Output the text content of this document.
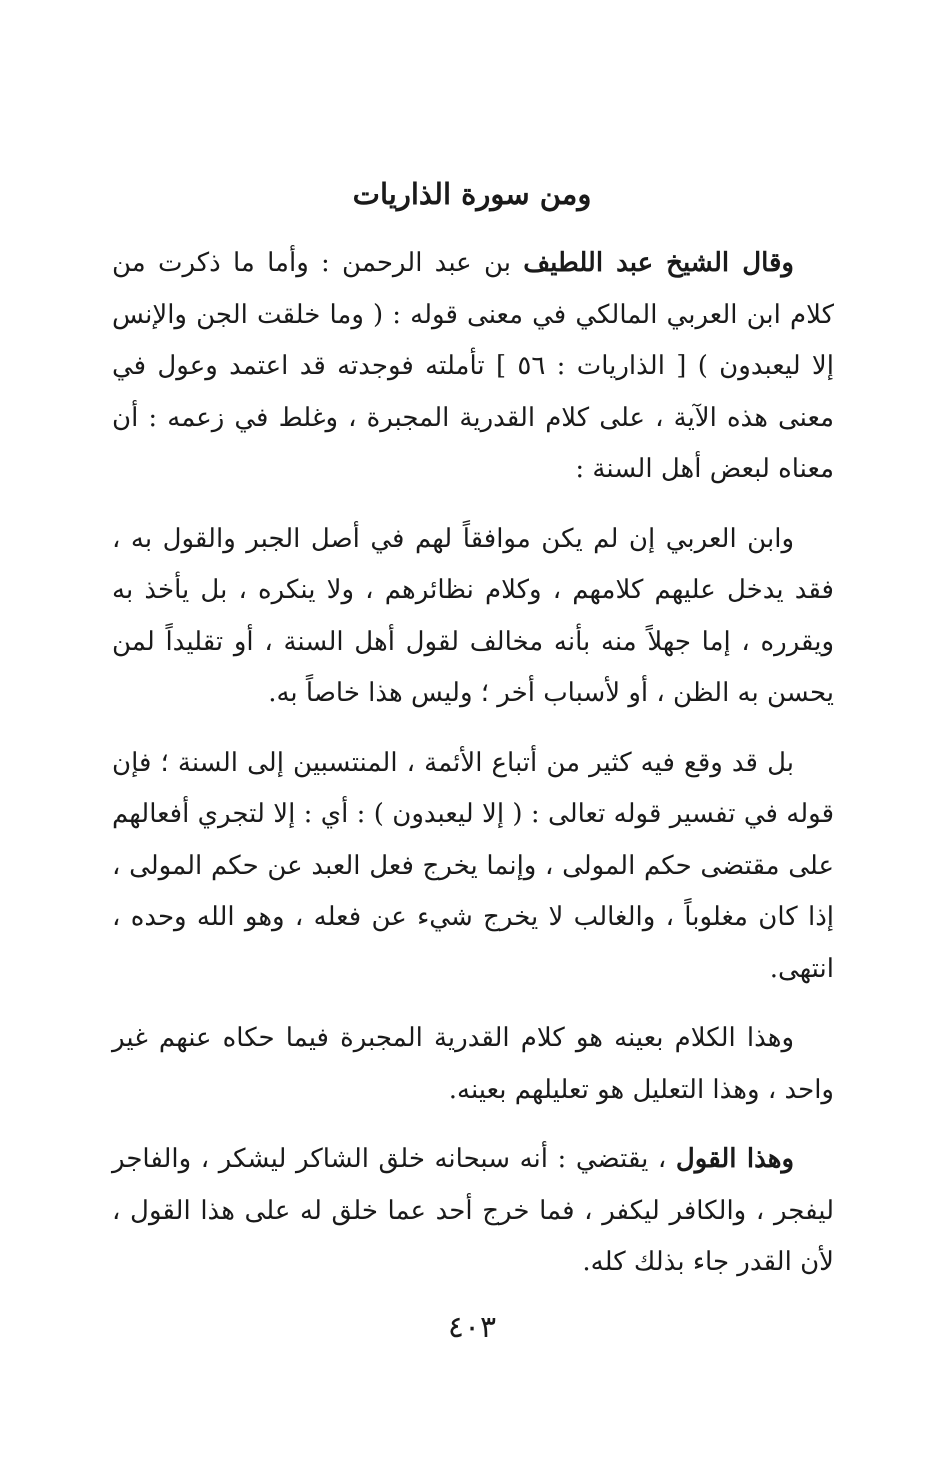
ومن سورة الذاريات

وقال الشيخ عبد اللطيف بن عبد الرحمن : وأما ما ذكرت من كلام ابن العربي المالكي في معنى قوله : ( وما خلقت الجن والإنس إلا ليعبدون ) [ الذاريات : ٥٦ ] تأملته فوجدته قد اعتمد وعول في معنى هذه الآية ، على كلام القدرية المجبرة ، وغلط في زعمه : أن معناه لبعض أهل السنة :

وابن العربي إن لم يكن موافقاً لهم في أصل الجبر والقول به ، فقد يدخل عليهم كلامهم ، وكلام نظائرهم ، ولا ينكره ، بل يأخذ به ويقرره ، إما جهلاً منه بأنه مخالف لقول أهل السنة ، أو تقليداً لمن يحسن به الظن ، أو لأسباب أخر ؛ وليس هذا خاصاً به.

بل قد وقع فيه كثير من أتباع الأئمة ، المنتسبين إلى السنة ؛ فإن قوله في تفسير قوله تعالى : ( إلا ليعبدون ) : أي : إلا لتجري أفعالهم على مقتضى حكم المولى ، وإنما يخرج فعل العبد عن حكم المولى ، إذا كان مغلوباً ، والغالب لا يخرج شيء عن فعله ، وهو الله وحده ، انتهى.

وهذا الكلام بعينه هو كلام القدرية المجبرة فيما حكاه عنهم غير واحد ، وهذا التعليل هو تعليلهم بعينه.

وهذا القول ، يقتضي : أنه سبحانه خلق الشاكر ليشكر ، والفاجر ليفجر ، والكافر ليكفر ، فما خرج أحد عما خلق له على هذا القول ، لأن القدر جاء بذلك كله.

٤٠٣
